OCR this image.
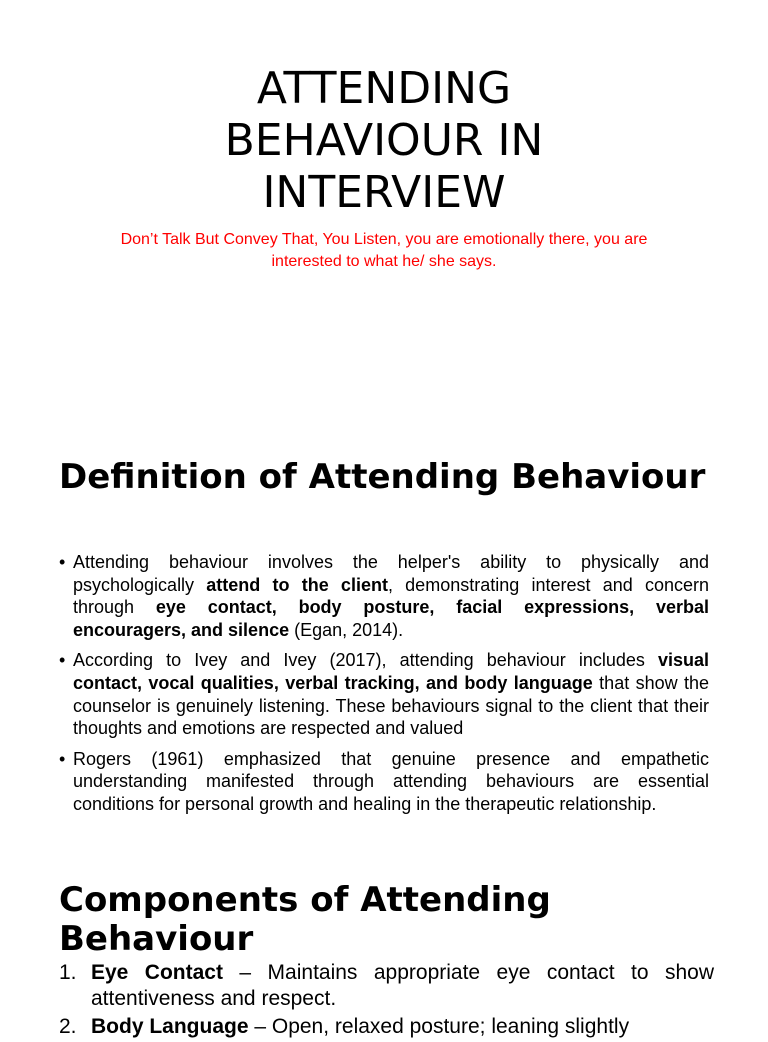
ATTENDING BEHAVIOUR IN INTERVIEW
Don’t Talk But Convey That, You Listen, you are emotionally there, you are interested to what he/ she says.
Definition of Attending Behaviour
• Attending behaviour involves the helper's ability to physically and psychologically attend to the client, demonstrating interest and concern through eye contact, body posture, facial expressions, verbal encouragers, and silence (Egan, 2014).
• According to Ivey and Ivey (2017), attending behaviour includes visual contact, vocal qualities, verbal tracking, and body language that show the counselor is genuinely listening. These behaviours signal to the client that their thoughts and emotions are respected and valued
• Rogers (1961) emphasized that genuine presence and empathetic understanding manifested through attending behaviours are essential conditions for personal growth and healing in the therapeutic relationship.
Components of Attending Behaviour
1. Eye Contact – Maintains appropriate eye contact to show attentiveness and respect.
2. Body Language – Open, relaxed posture; leaning slightly
